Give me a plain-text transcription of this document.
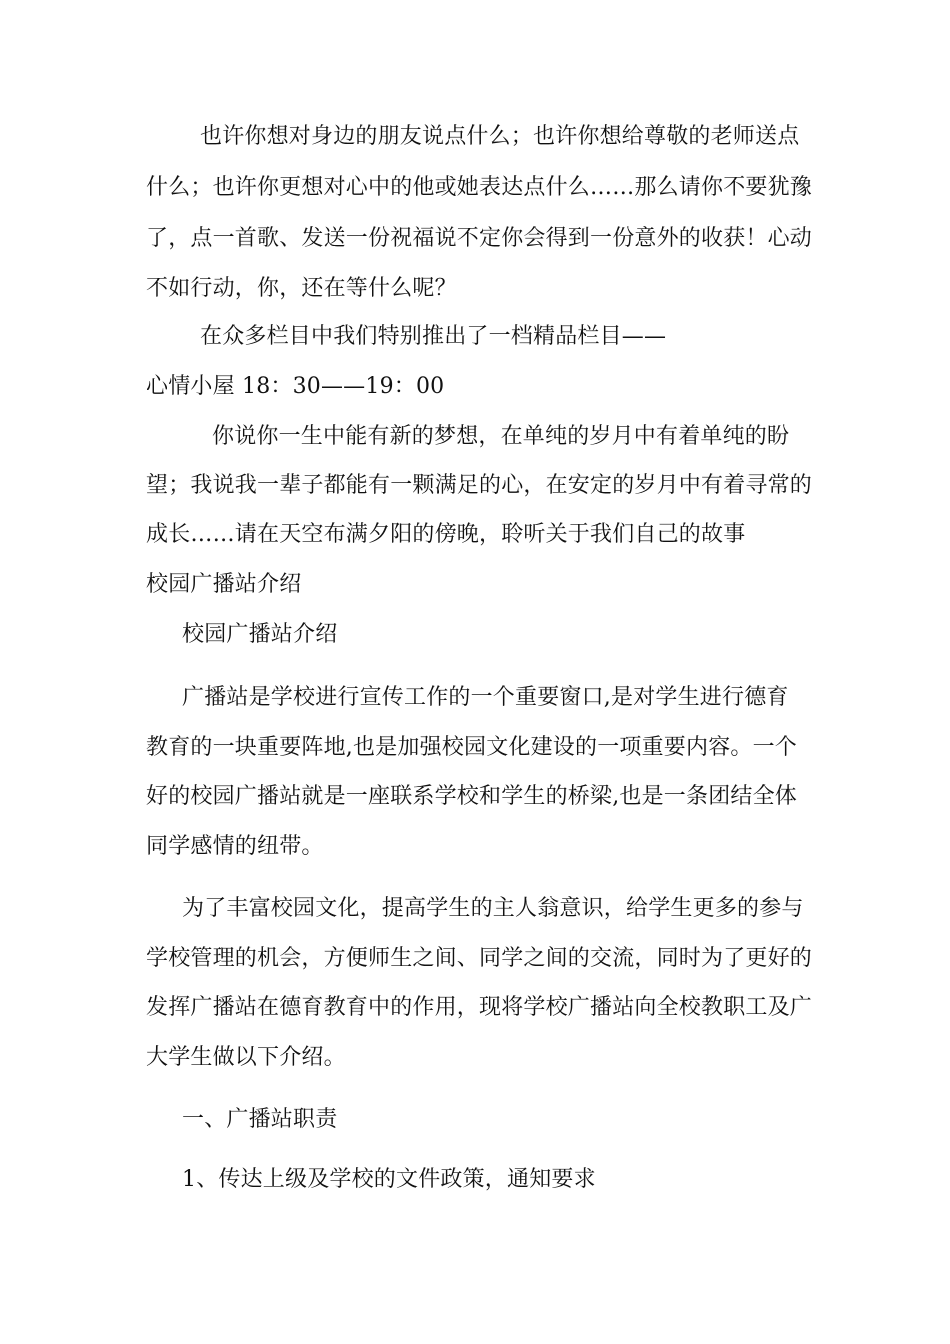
也许你想对身边的朋友说点什么；也许你想给尊敬的老师送点
什么；也许你更想对心中的他或她表达点什么……那么请你不要犹豫
了，点一首歌、发送一份祝福说不定你会得到一份意外的收获！心动
不如行动，你，还在等什么呢？
在众多栏目中我们特别推出了一档精品栏目——
心情小屋 18：30——19：00
你说你一生中能有新的梦想，在单纯的岁月中有着单纯的盼
望；我说我一辈子都能有一颗满足的心，在安定的岁月中有着寻常的
成长……请在天空布满夕阳的傍晚，聆听关于我们自己的故事
校园广播站介绍
校园广播站介绍
广播站是学校进行宣传工作的一个重要窗口,是对学生进行德育
教育的一块重要阵地,也是加强校园文化建设的一项重要内容。一个
好的校园广播站就是一座联系学校和学生的桥梁,也是一条团结全体
同学感情的纽带。
为了丰富校园文化，提高学生的主人翁意识，给学生更多的参与
学校管理的机会，方便师生之间、同学之间的交流，同时为了更好的
发挥广播站在德育教育中的作用，现将学校广播站向全校教职工及广
大学生做以下介绍。
一、广播站职责
1、传达上级及学校的文件政策，通知要求
